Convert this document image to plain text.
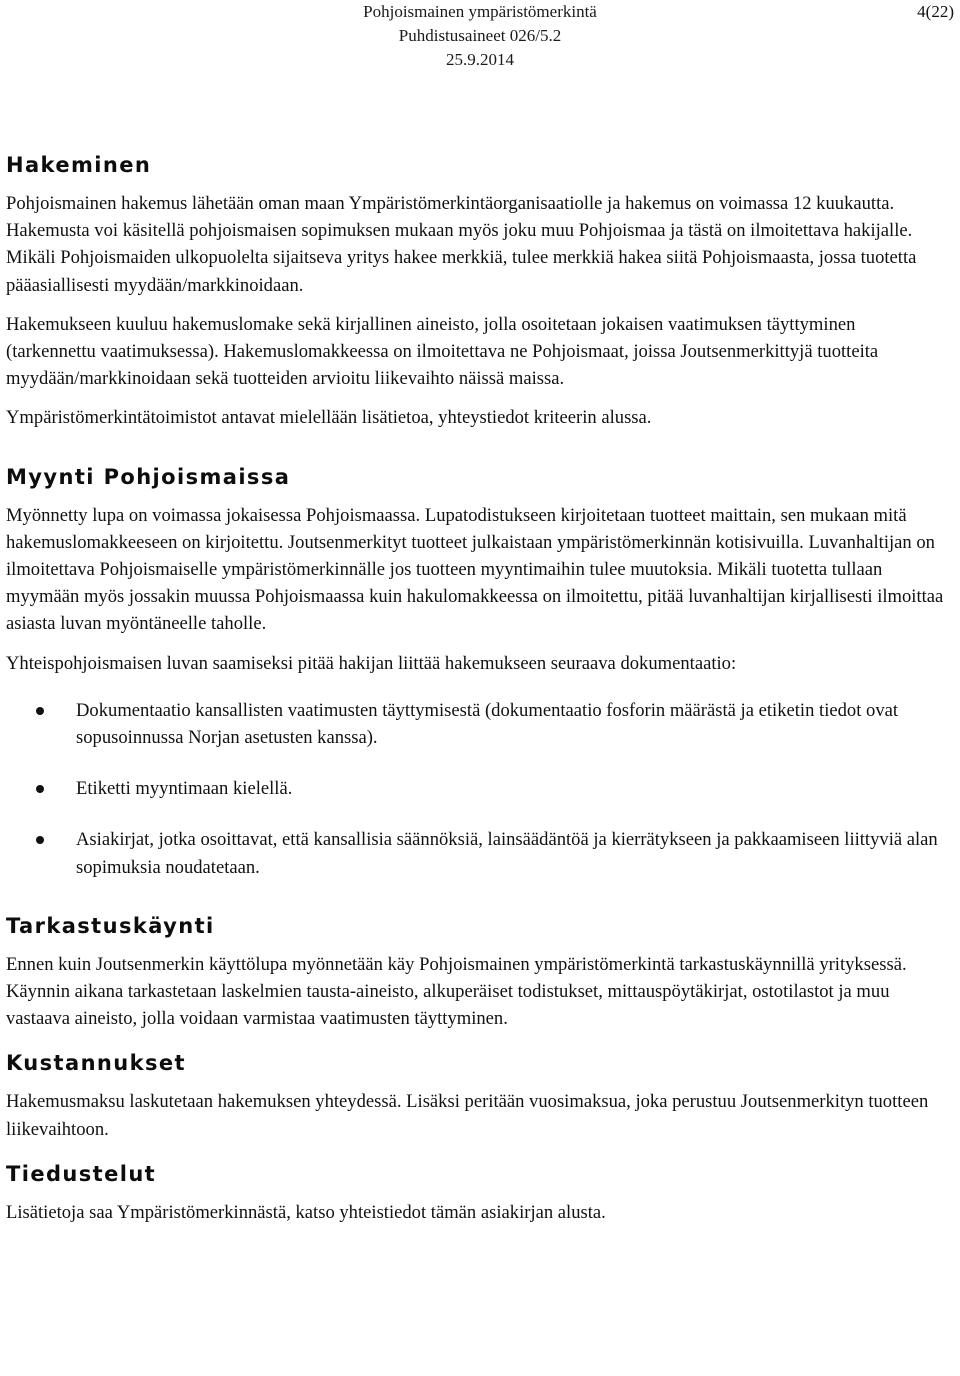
Pohjoismainen ympäristömerkintä
Puhdistusaineet 026/5.2
25.9.2014
4(22)
Hakeminen

Pohjoismainen hakemus lähetään oman maan Ympäristömerkintäorganisaatiolle ja hakemus on voimassa 12 kuukautta. Hakemusta voi käsitellä pohjoismaisen sopimuksen mukaan myös joku muu Pohjoismaa ja tästä on ilmoitettava hakijalle. Mikäli Pohjoismaiden ulkopuolelta sijaitseva yritys hakee merkkiä, tulee merkkiä hakea siitä Pohjoismaasta, jossa tuotetta pääasiallisesti myydään/markkinoidaan.

Hakemukseen kuuluu hakemuslomake sekä kirjallinen aineisto, jolla osoitetaan jokaisen vaatimuksen täyttyminen (tarkennettu vaatimuksessa). Hakemuslomakkeessa on ilmoitettava ne Pohjoismaat, joissa Joutsenmerkittyjä tuotteita myydään/markkinoidaan sekä tuotteiden arvioitu liikevaihto näissä maissa.

Ympäristömerkintätoimistot antavat mielellään lisätietoa, yhteystiedot kriteerin alussa.

Myynti Pohjoismaissa

Myönnetty lupa on voimassa jokaisessa Pohjoismaassa. Lupatodistukseen kirjoitetaan tuotteet maittain, sen mukaan mitä hakemuslomakkeeseen on kirjoitettu. Joutsenmerkityt tuotteet julkaistaan ympäristömerkinnän kotisivuilla. Luvanhaltijan on ilmoitettava Pohjoismaiselle ympäristömerkinnälle jos tuotteen myyntimaihin tulee muutoksia. Mikäli tuotetta tullaan myymään myös jossakin muussa Pohjoismaassa kuin hakulomakkeessa on ilmoitettu, pitää luvanhaltijan kirjallisesti ilmoittaa asiasta luvan myöntäneelle taholle.

Yhteispohjoismaisen luvan saamiseksi pitää hakijan liittää hakemukseen seuraava dokumentaatio:

Dokumentaatio kansallisten vaatimusten täyttymisestä (dokumentaatio fosforin määrästä ja etiketin tiedot ovat sopusoinnussa Norjan asetusten kanssa).
Etiketti myyntimaan kielellä.
Asiakirjat, jotka osoittavat, että kansallisia säännöksiä, lainsäädäntöä ja kierrätykseen ja pakkaamiseen liittyviä alan sopimuksia noudatetaan.
Tarkastuskäynti

Ennen kuin Joutsenmerkin käyttölupa myönnetään käy Pohjoismainen ympäristömerkintä tarkastuskäynnillä yrityksessä. Käynnin aikana tarkastetaan laskelmien tausta-aineisto, alkuperäiset todistukset, mittauspöytäkirjat, ostotilastot ja muu vastaava aineisto, jolla voidaan varmistaa vaatimusten täyttyminen.

Kustannukset

Hakemusmaksu laskutetaan hakemuksen yhteydessä. Lisäksi peritään vuosimaksua, joka perustuu Joutsenmerkityn tuotteen liikevaihtoon.

Tiedustelut

Lisätietoja saa Ympäristömerkinnästä, katso yhteistiedot tämän asiakirjan alusta.
